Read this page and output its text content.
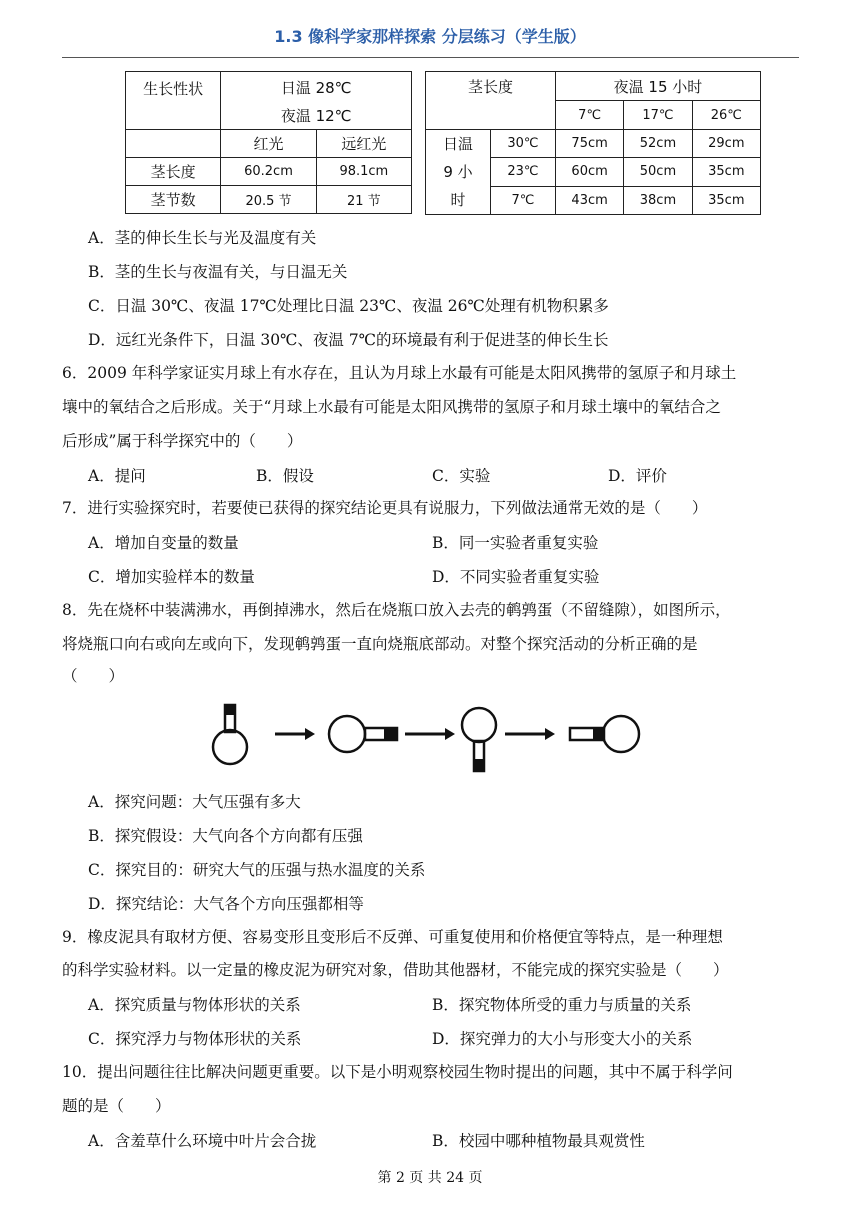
1.3 像科学家那样探索 分层练习（学生版）
生长性状	日温 28℃	
	夜温 12℃	
	红光	远红光
茎长度	60.2cm	98.1cm
茎节数	20.5 节	21 节
茎长度		夜温 15 小时		
		7℃	17℃	26℃

日温
9 小
时	30℃	75cm	52cm	29cm
	23℃	60cm	50cm	35cm
	7℃	43cm	38cm	35cm
A．茎的伸长生长与光及温度有关
B．茎的生长与夜温有关，与日温无关
C．日温 30℃、夜温 17℃处理比日温 23℃、夜温 26℃处理有机物积累多
D．远红光条件下，日温 30℃、夜温 7℃的环境最有利于促进茎的伸长生长
6．2009 年科学家证实月球上有水存在，且认为月球上水最有可能是太阳风携带的氢原子和月球土
壤中的氧结合之后形成。关于“月球上水最有可能是太阳风携带的氢原子和月球土壤中的氧结合之
后形成”属于科学探究中的（　　）
A．提问	B．假设	C．实验	D．评价
7．进行实验探究时，若要使已获得的探究结论更具有说服力，下列做法通常无效的是（　　）
A．增加自变量的数量	B．同一实验者重复实验
C．增加实验样本的数量	D．不同实验者重复实验
8．先在烧杯中装满沸水，再倒掉沸水，然后在烧瓶口放入去壳的鹌鹑蛋（不留缝隙），如图所示，
将烧瓶口向右或向左或向下，发现鹌鹑蛋一直向烧瓶底部动。对整个探究活动的分析正确的是
（　　）
A．探究问题：大气压强有多大
B．探究假设：大气向各个方向都有压强
C．探究目的：研究大气的压强与热水温度的关系
D．探究结论：大气各个方向压强都相等
9．橡皮泥具有取材方便、容易变形且变形后不反弹、可重复使用和价格便宜等特点，是一种理想
的科学实验材料。以一定量的橡皮泥为研究对象，借助其他器材，不能完成的探究实验是（　　）
A．探究质量与物体形状的关系	B．探究物体所受的重力与质量的关系
C．探究浮力与物体形状的关系	D．探究弹力的大小与形变大小的关系
10．提出问题往往比解决问题更重要。以下是小明观察校园生物时提出的问题，其中不属于科学问
题的是（　　）
A．含羞草什么环境中叶片会合拢	B．校园中哪种植物最具观赏性
第 2 页 共 24 页
